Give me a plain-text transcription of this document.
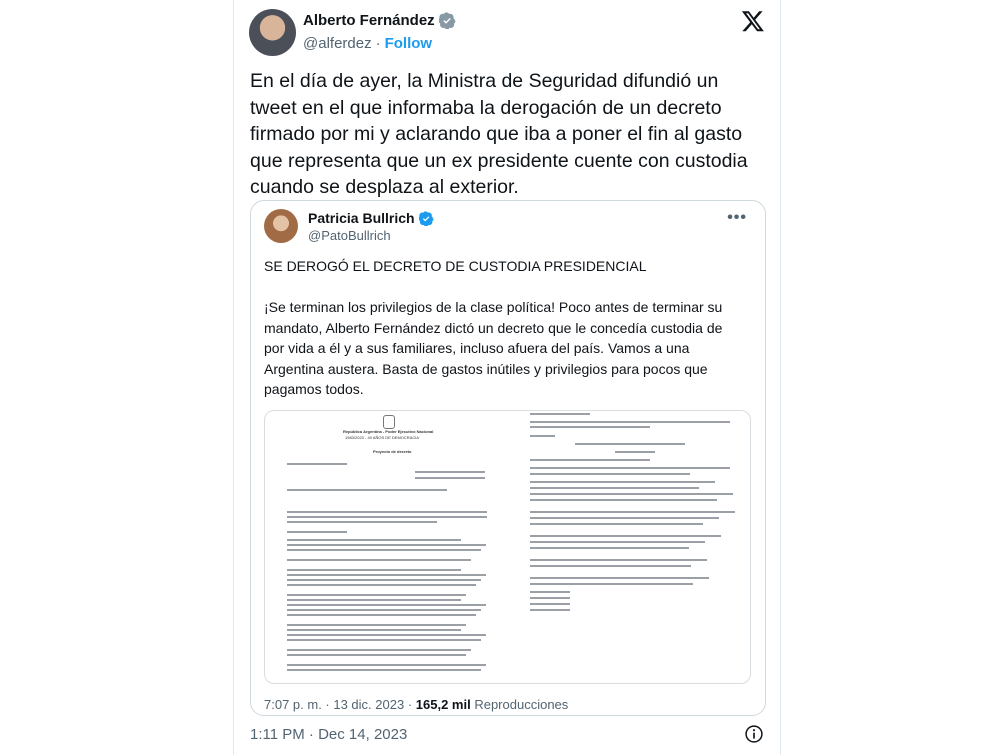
Alberto Fernández
@alferdez · Follow
En el día de ayer, la Ministra de Seguridad difundió un tweet en el que informaba la derogación de un decreto firmado por mi y aclarando que iba a poner el fin al gasto que representa que un ex presidente cuente con custodia cuando se desplaza al exterior.
Patricia Bullrich
@PatoBullrich
•••
SE DEROGÓ EL DECRETO DE CUSTODIA PRESIDENCIAL
¡Se terminan los privilegios de la clase política! Poco antes de terminar su mandato, Alberto Fernández dictó un decreto que le concedía custodia de por vida a él y a sus familiares, incluso afuera del país. Vamos a una Argentina austera. Basta de gastos inútiles y privilegios para pocos que pagamos todos.
República Argentina - Poder Ejecutivo Nacional
1983/2023 - 40 AÑOS DE DEMOCRACIA
Proyecto de decreto
7:07 p. m. · 13 dic. 2023 · 165,2 mil Reproducciones
1:11 PM · Dec 14, 2023
